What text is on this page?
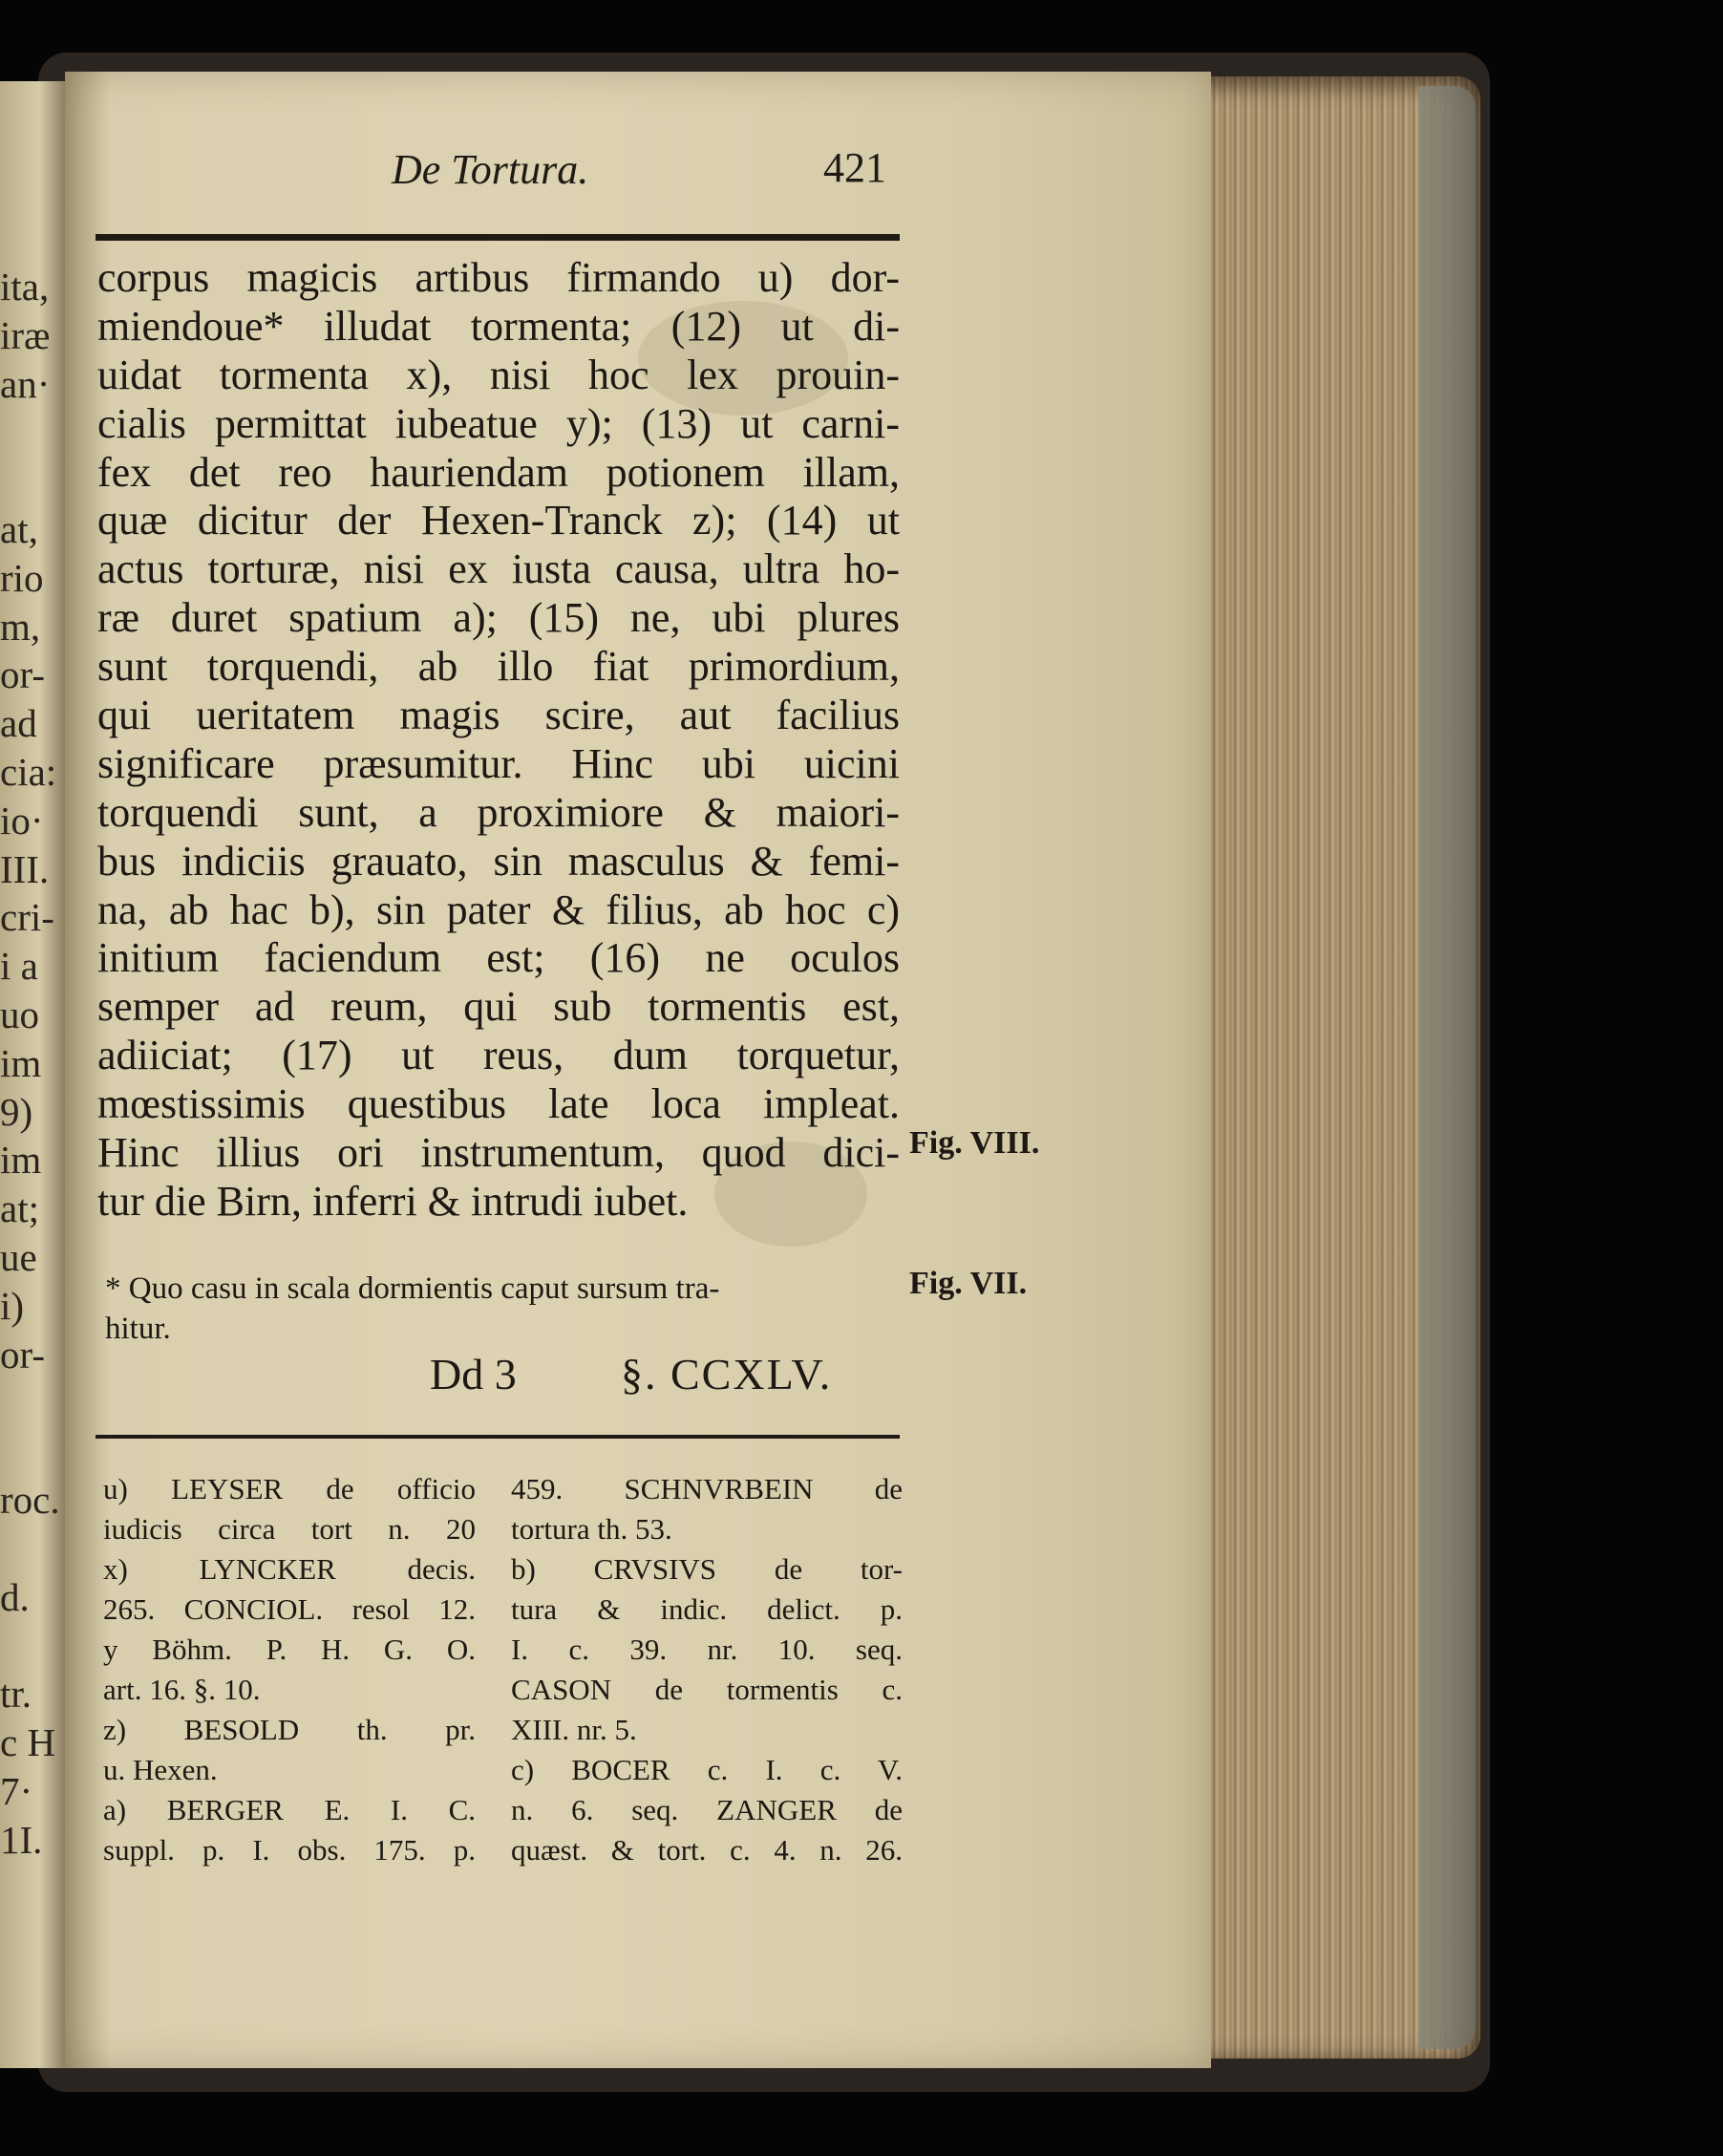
ita,
iræ
an·
at,
rio
m,
or-
ad
cia:
io·
III.
cri-
i a
uo
im
9)
im
at;
ue
i)
or-
roc.
d.
tr.
c H
7·
1I.
De Tortura.	421
corpus magicis artibus firmando u) dor-
miendoue* illudat tormenta; (12) ut di-
uidat tormenta x), nisi hoc lex prouin-
cialis permittat iubeatue y); (13) ut carni-
fex det reo hauriendam potionem illam,
quæ dicitur der Hexen-Tranck z); (14) ut
actus torturæ, nisi ex iusta causa, ultra ho-
ræ duret spatium a); (15) ne, ubi plures
sunt torquendi, ab illo fiat primordium,
qui ueritatem magis scire, aut facilius
significare præsumitur. Hinc ubi uicini
torquendi sunt, a proximiore & maiori-
bus indiciis grauato, sin masculus & femi-
na, ab hac b), sin pater & filius, ab hoc c)
initium faciendum est; (16) ne oculos
semper ad reum, qui sub tormentis est,
adiiciat; (17) ut reus, dum torquetur,
mœstissimis questibus late loca impleat.
Hinc illius ori instrumentum, quod dici-
tur die Birn, inferri & intrudi iubet.
Fig. VIII.
Fig. VII.
* Quo casu in scala dormientis caput sursum tra-
hitur.
Dd 3 §. CCXLV.
u) LEYSER de officio
iudicis circa tort n. 20
x) LYNCKER decis.
265. CONCIOL. resol 12.
y Böhm. P. H. G. O.
art. 16. §. 10.
z) BESOLD th. pr.
u. Hexen.
a) BERGER E. I. C.
suppl. p. I. obs. 175. p.
459. SCHNVRBEIN de
tortura th. 53.
b) CRVSIVS de tor-
tura & indic. delict. p.
I. c. 39. nr. 10. seq.
CASON de tormentis c.
XIII. nr. 5.
c) BOCER c. I. c. V.
n. 6. seq. ZANGER de
quæst. & tort. c. 4. n. 26.
